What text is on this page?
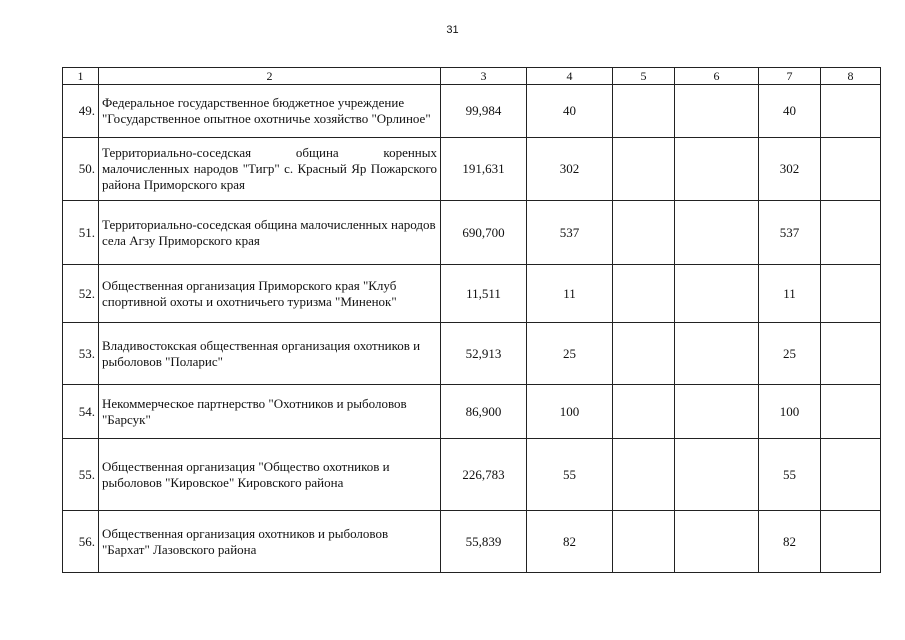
31
1	2	3	4	5	6	7	8
49.	Федеральное государственное бюджетное учреждение "Государственное опытное охотничье хозяйство "Орлиное"	99,984	40			40	
50.	Территориально-соседская община коренных малочисленных народов "Тигр" с. Красный Яр Пожарского района Приморского края	191,631	302			302	
51.	Территориально-соседская община малочисленных народов села Агзу Приморского края	690,700	537			537	
52.	Общественная организация Приморского края "Клуб спортивной охоты и охотничьего туризма "Миненок"	11,511	11			11	
53.	Владивостокская общественная организация охотников и рыболовов "Поларис"	52,913	25			25	
54.	Некоммерческое партнерство "Охотников и рыболовов "Барсук"	86,900	100			100	
55.	Общественная организация "Общество охотников и рыболовов "Кировское" Кировского района	226,783	55			55	
56.	Общественная организация охотников и рыболовов "Бархат" Лазовского района	55,839	82			82	
